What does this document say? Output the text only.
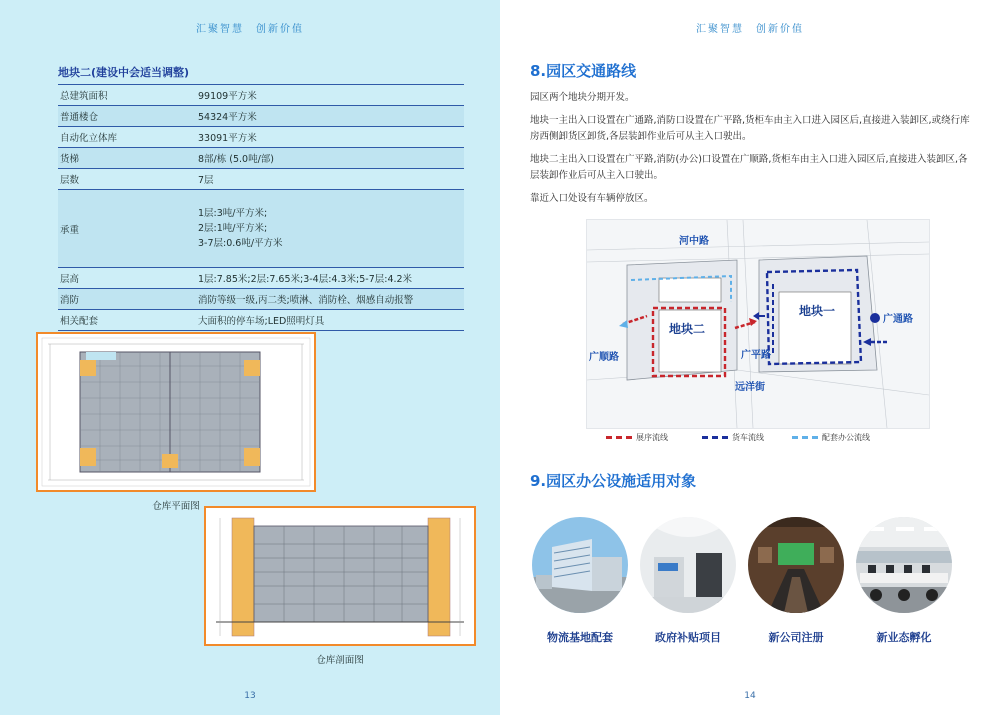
汇聚智慧　创新价值
地块二(建设中会适当调整)
总建筑面积	99109平方米
普通楼仓	54324平方米
自动化立体库	33091平方米
货梯	8部/栋 (5.0吨/部)
层数	7层
承重	1层:3吨/平方米;
2层:1吨/平方米;
3-7层:0.6吨/平方米

层高	1层:7.85米;2层:7.65米;3-4层:4.3米;5-7层:4.2米
消防	消防等级一级,丙二类;喷淋、消防栓、烟感自动报警
相关配套	大面积的停车场;LED照明灯具
仓库平面图
仓库剖面图
13
汇聚智慧　创新价值
8.园区交通路线
园区两个地块分期开发。
地块一主出入口设置在广通路,消防口设置在广平路,货柜车由主入口进入园区后,直接进入装卸区,或绕行库房西侧卸货区卸货,各层装卸作业后可从主入口驶出。
地块二主出入口设置在广平路,消防(办公)口设置在广顺路,货柜车由主入口进入园区后,直接进入装卸区,各层装卸作业后可从主入口驶出。
靠近入口处设有车辆停放区。
河中路
地块二
地块一
广通路
广顺路	广平路
远洋街
展序流线	货车流线	配套办公流线
9.园区办公设施适用对象
物流基地配套	政府补贴项目	新公司注册	新业态孵化
14
